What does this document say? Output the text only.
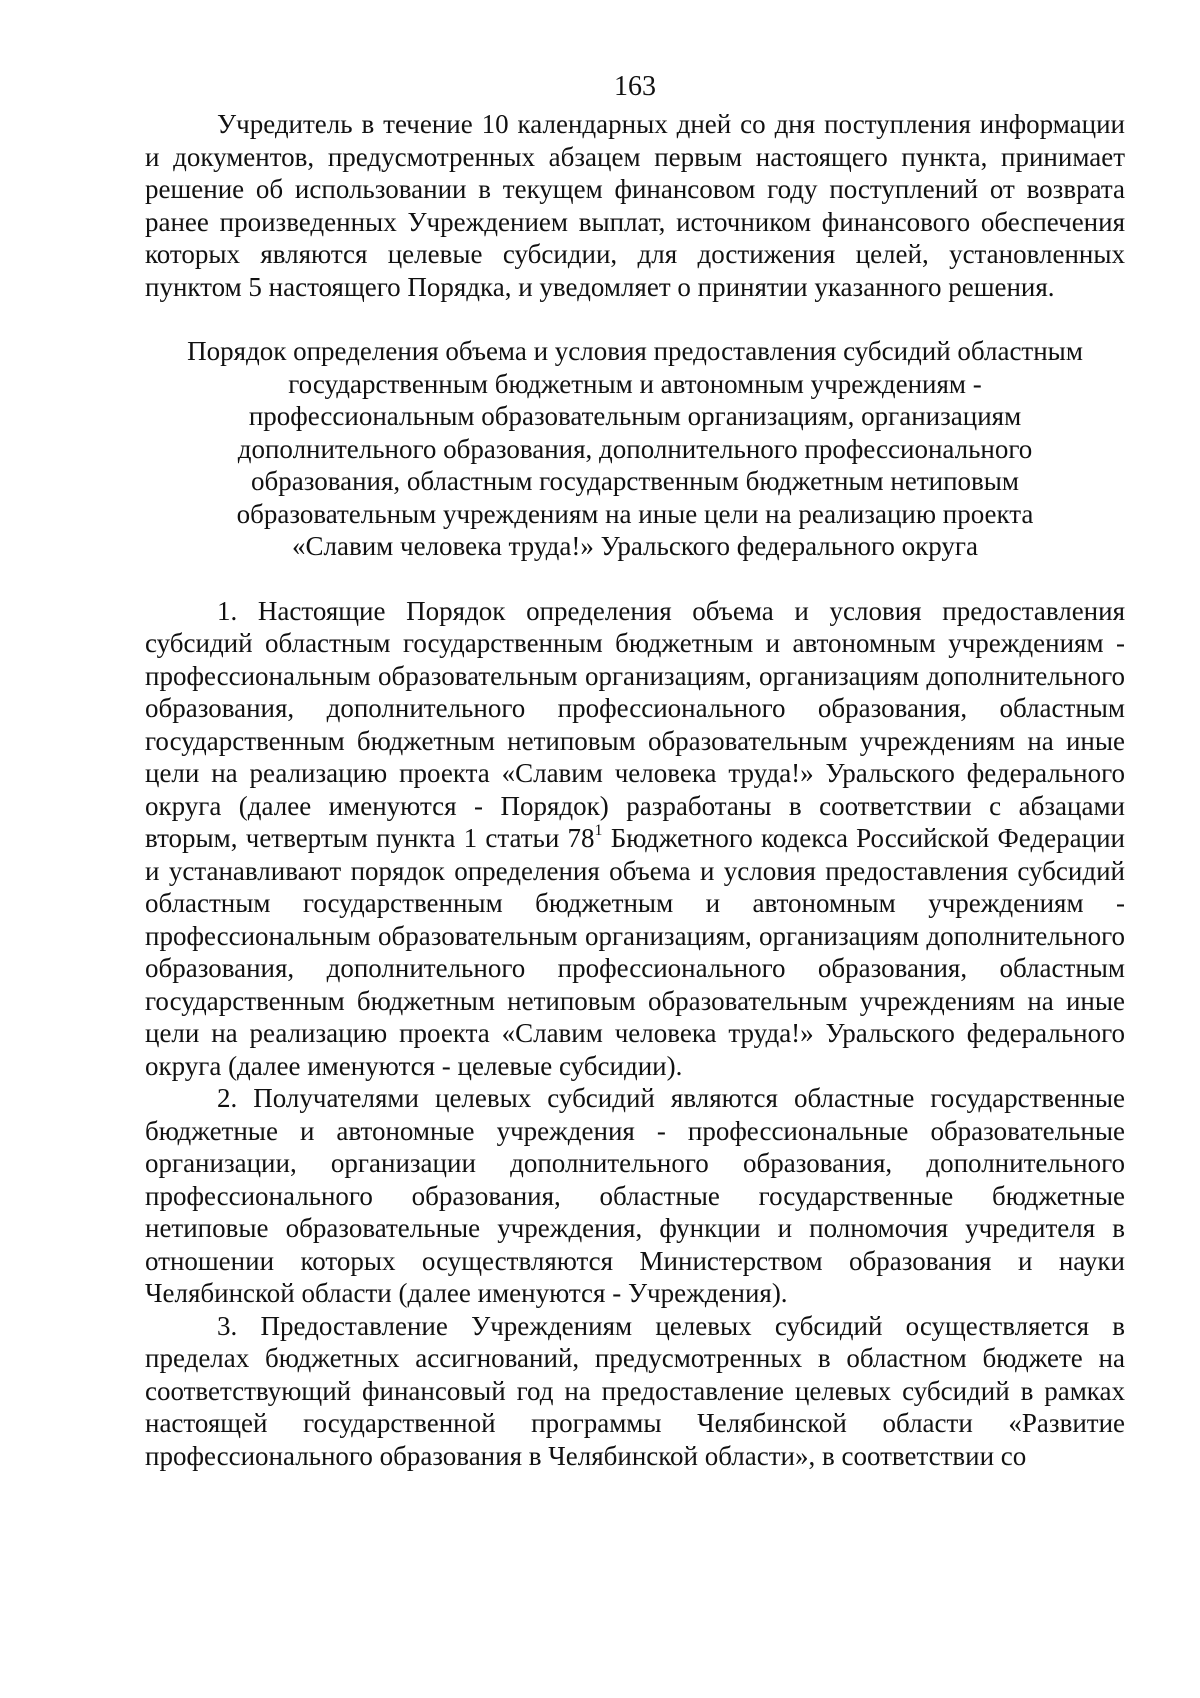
163

Учредитель в течение 10 календарных дней со дня поступления информации и документов, предусмотренных абзацем первым настоящего пункта, принимает решение об использовании в текущем финансовом году поступлений от возврата ранее произведенных Учреждением выплат, источником финансового обеспечения которых являются целевые субсидии, для достижения целей, установленных пунктом 5 настоящего Порядка, и уведомляет о принятии указанного решения.

Порядок определения объема и условия предоставления субсидий областным
государственным бюджетным и автономным учреждениям -
профессиональным образовательным организациям, организациям
дополнительного образования, дополнительного профессионального
образования, областным государственным бюджетным нетиповым
образовательным учреждениям на иные цели на реализацию проекта
«Славим человека труда!» Уральского федерального округа

1. Настоящие Порядок определения объема и условия предоставления субсидий областным государственным бюджетным и автономным учреждениям - профессиональным образовательным организациям, организациям дополнительного образования, дополнительного профессионального образования, областным государственным бюджетным нетиповым образовательным учреждениям на иные цели на реализацию проекта «Славим человека труда!» Уральского федерального округа (далее именуются - Порядок) разработаны в соответствии с абзацами вторым, четвертым пункта 1 статьи $78^1$ Бюджетного кодекса Российской Федерации и устанавливают порядок определения объема и условия предоставления субсидий областным государственным бюджетным и автономным учреждениям - профессиональным образовательным организациям, организациям дополнительного образования, дополнительного профессионального образования, областным государственным бюджетным нетиповым образовательным учреждениям на иные цели на реализацию проекта «Славим человека труда!» Уральского федерального округа (далее именуются - целевые субсидии).

2. Получателями целевых субсидий являются областные государственные бюджетные и автономные учреждения - профессиональные образовательные организации, организации дополнительного образования, дополнительного профессионального образования, областные государственные бюджетные нетиповые образовательные учреждения, функции и полномочия учредителя в отношении которых осуществляются Министерством образования и науки Челябинской области (далее именуются - Учреждения).

3. Предоставление Учреждениям целевых субсидий осуществляется в пределах бюджетных ассигнований, предусмотренных в областном бюджете на соответствующий финансовый год на предоставление целевых субсидий в рамках настоящей государственной программы Челябинской области «Развитие профессионального образования в Челябинской области», в соответствии со
